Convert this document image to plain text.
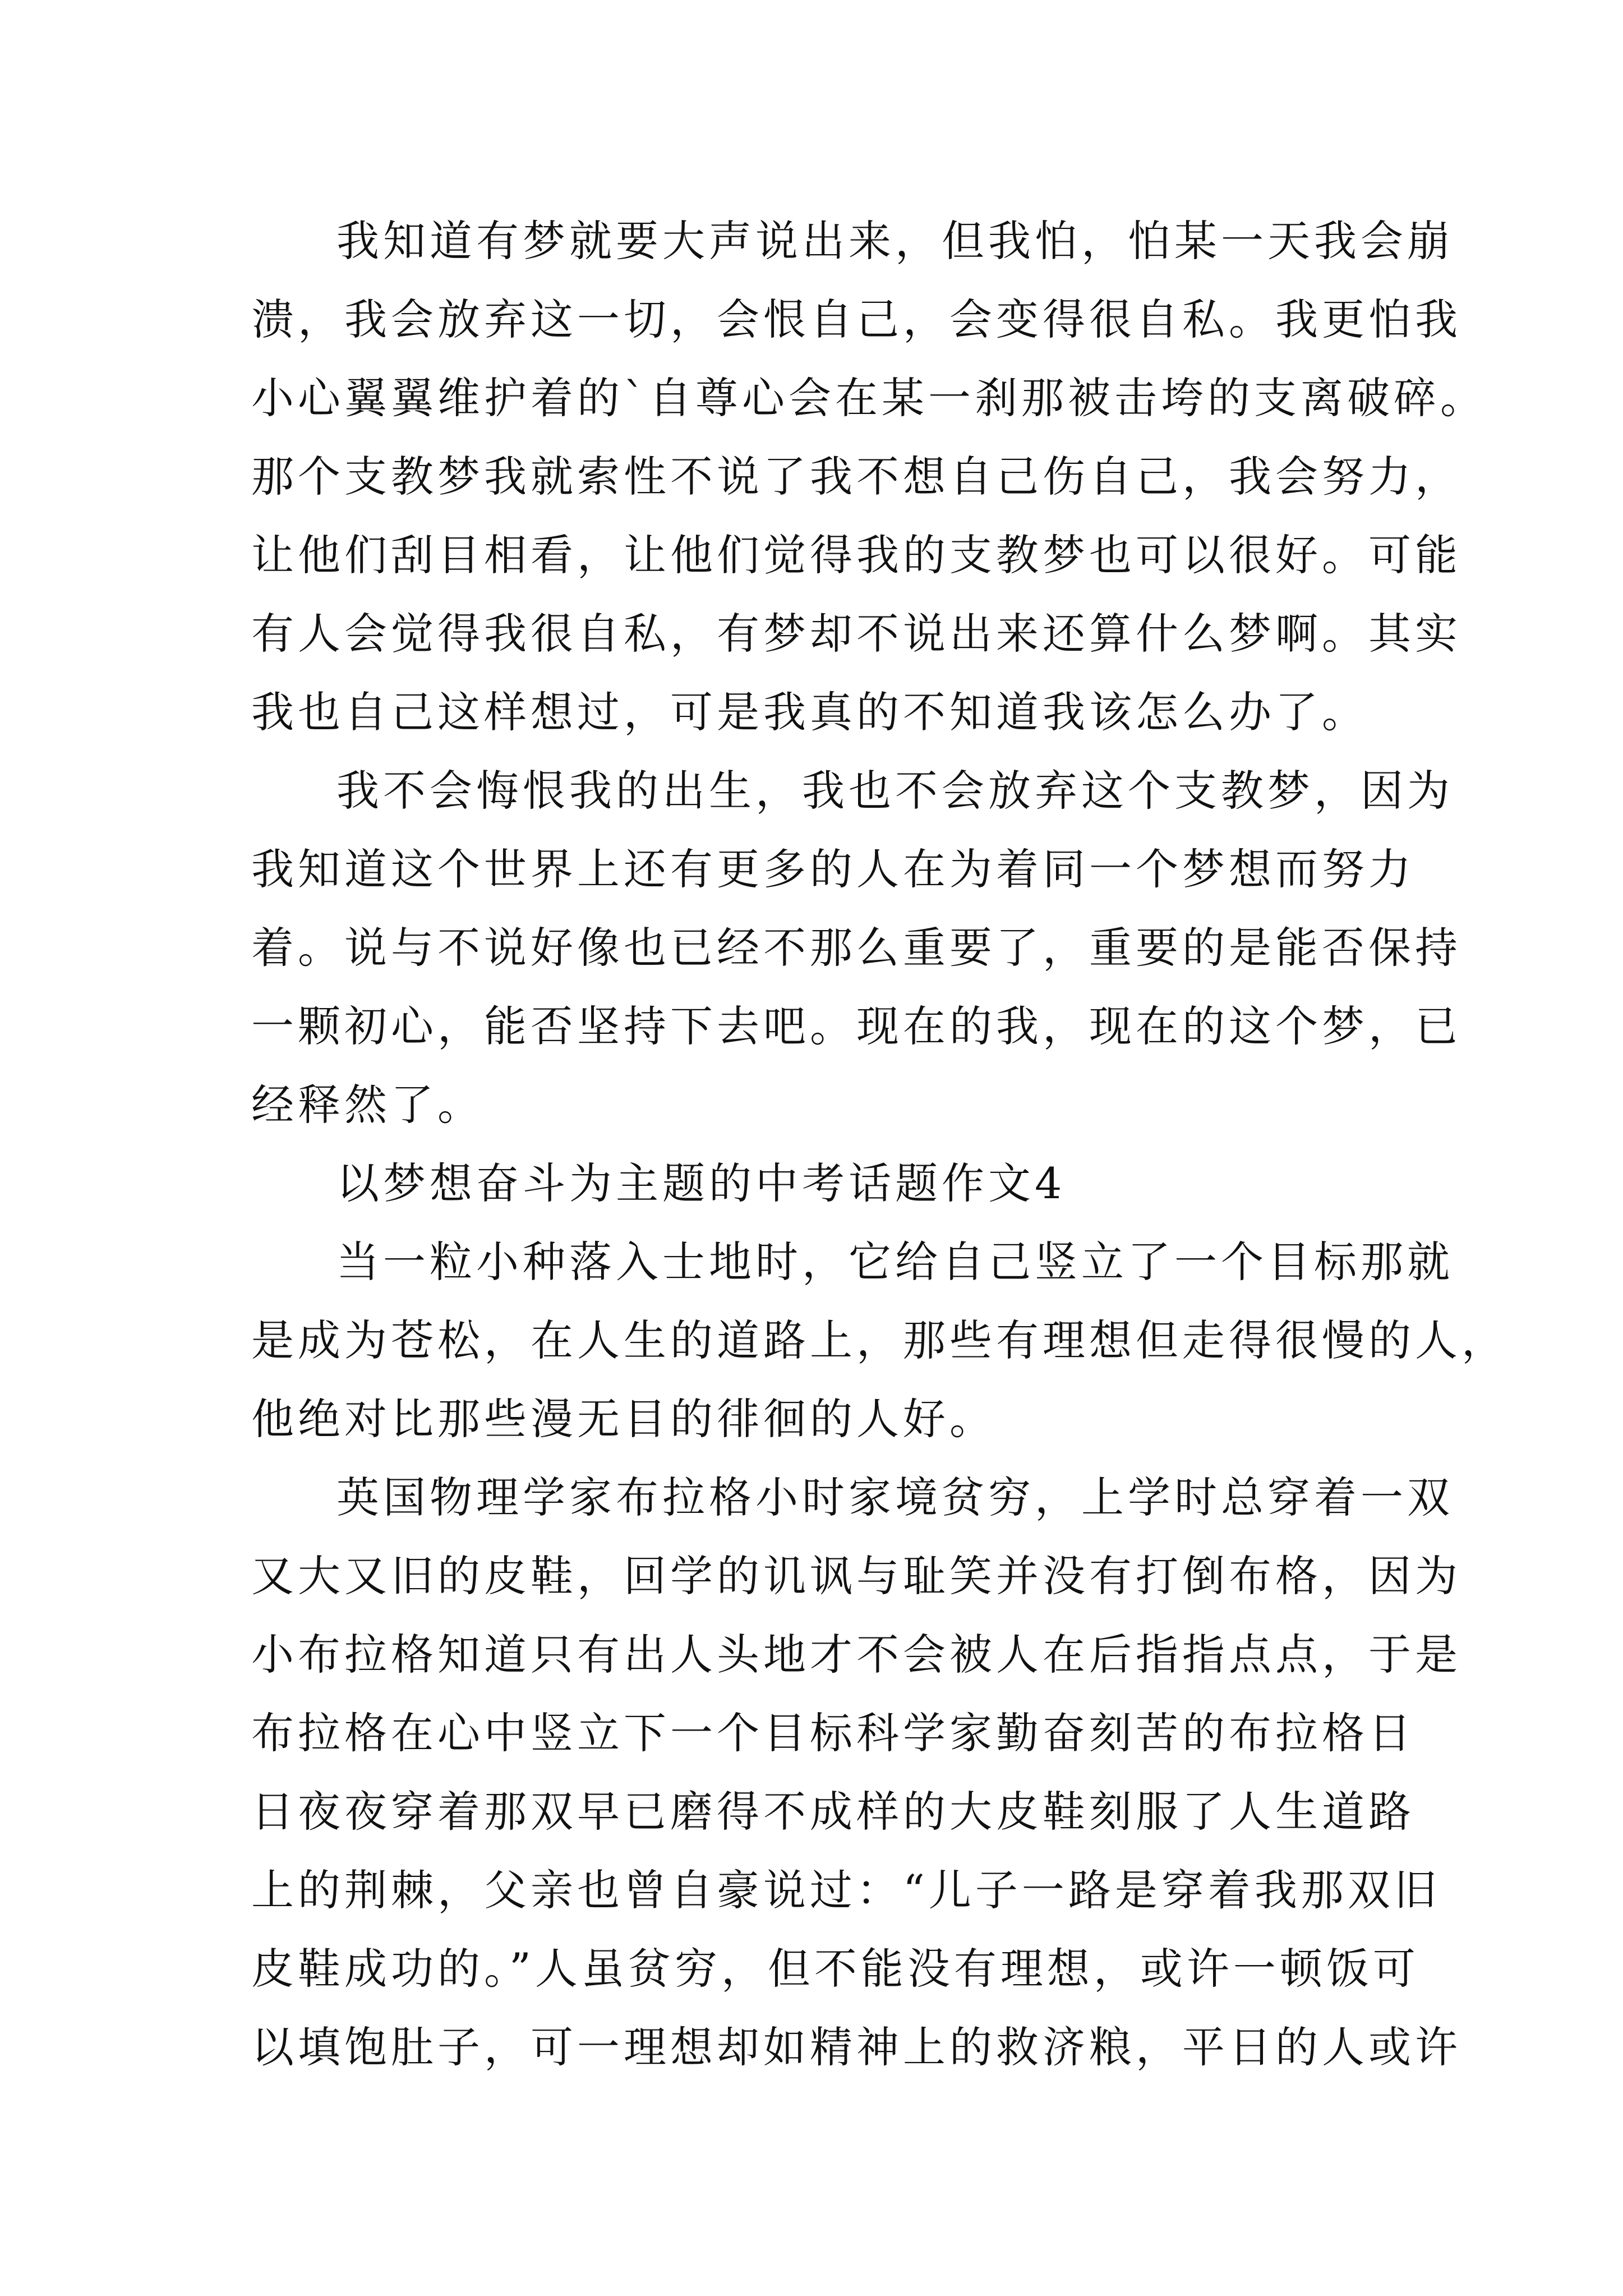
我知道有梦就要大声说出来，但我怕，怕某一天我会崩
溃，我会放弃这一切，会恨自己，会变得很自私。我更怕我
小心翼翼维护着的`自尊心会在某一刹那被击垮的支离破碎。
那个支教梦我就索性不说了我不想自己伤自己，我会努力，
让他们刮目相看，让他们觉得我的支教梦也可以很好。可能
有人会觉得我很自私，有梦却不说出来还算什么梦啊。其实
我也自己这样想过，可是我真的不知道我该怎么办了。
我不会悔恨我的出生，我也不会放弃这个支教梦，因为
我知道这个世界上还有更多的人在为着同一个梦想而努力
着。说与不说好像也已经不那么重要了，重要的是能否保持
一颗初心，能否坚持下去吧。现在的我，现在的这个梦，已
经释然了。
以梦想奋斗为主题的中考话题作文4
当一粒小种落入士地时，它给自己竖立了一个目标那就
是成为苍松，在人生的道路上，那些有理想但走得很慢的人，
他绝对比那些漫无目的徘徊的人好。
英国物理学家布拉格小时家境贫穷，上学时总穿着一双
又大又旧的皮鞋，回学的讥讽与耻笑并没有打倒布格，因为
小布拉格知道只有出人头地才不会被人在后指指点点，于是
布拉格在心中竖立下一个目标科学家勤奋刻苦的布拉格日
日夜夜穿着那双早已磨得不成样的大皮鞋刻服了人生道路
上的荆棘，父亲也曾自豪说过：“儿子一路是穿着我那双旧
皮鞋成功的。”人虽贫穷，但不能没有理想，或许一顿饭可
以填饱肚子，可一理想却如精神上的救济粮，平日的人或许
